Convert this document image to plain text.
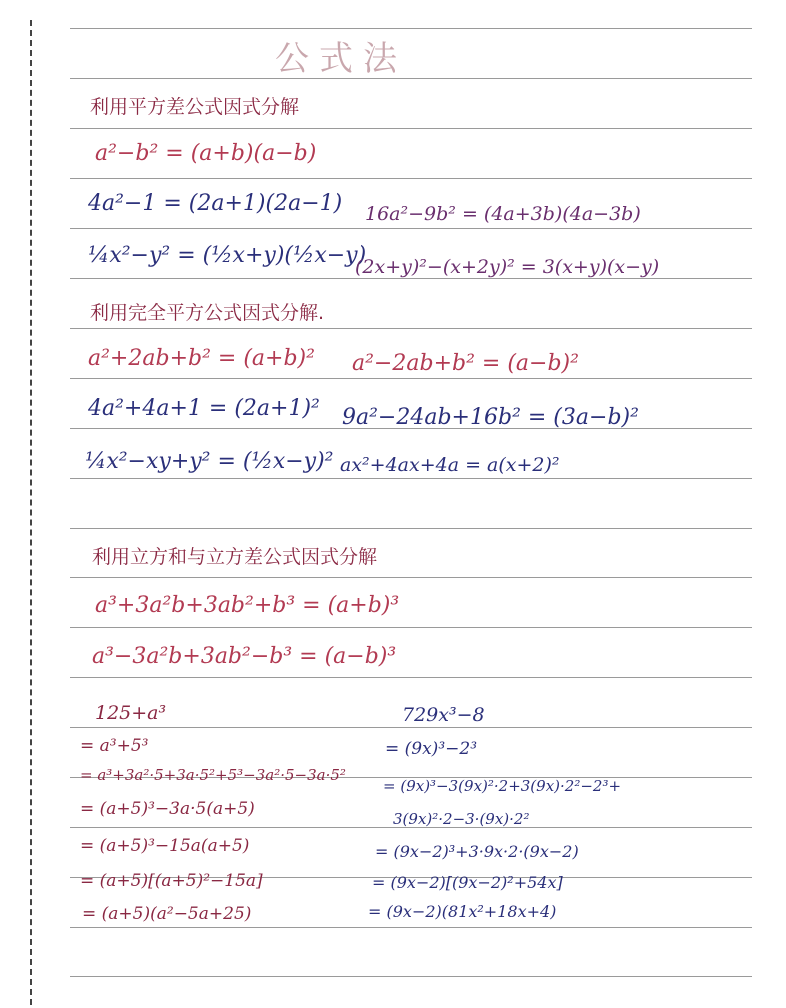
公式法
利用平方差公式因式分解
a²−b² = (a+b)(a−b)
4a²−1 = (2a+1)(2a−1) 16a²−9b² = (4a+3b)(4a−3b)
¼x²−y² = (½x+y)(½x−y)
(2x+y)²−(x+2y)² = 3(x+y)(x−y)
利用完全平方公式因式分解.
a²+2ab+b² = (a+b)² a²−2ab+b² = (a−b)²
4a²+4a+1 = (2a+1)² 9a²−24ab+16b² = (3a−b)²
¼x²−xy+y² = (½x−y)² ax²+4ax+4a = a(x+2)²
利用立方和与立方差公式因式分解
a³+3a²b+3ab²+b³ = (a+b)³
a³−3a²b+3ab²−b³ = (a−b)³
125+a³
= a³+5³
= a³+3a²·5+3a·5²+5³−3a²·5−3a·5²
= (a+5)³−3a·5(a+5)
= (a+5)³−15a(a+5)
= (a+5)[(a+5)²−15a]
= (a+5)(a²−5a+25)
729x³−8
= (9x)³−2³
= (9x)³−3(9x)²·2+3(9x)·2²−2³+
3(9x)²·2−3·(9x)·2²
= (9x−2)³+3·9x·2·(9x−2)
= (9x−2)[(9x−2)²+54x]
= (9x−2)(81x²+18x+4)
